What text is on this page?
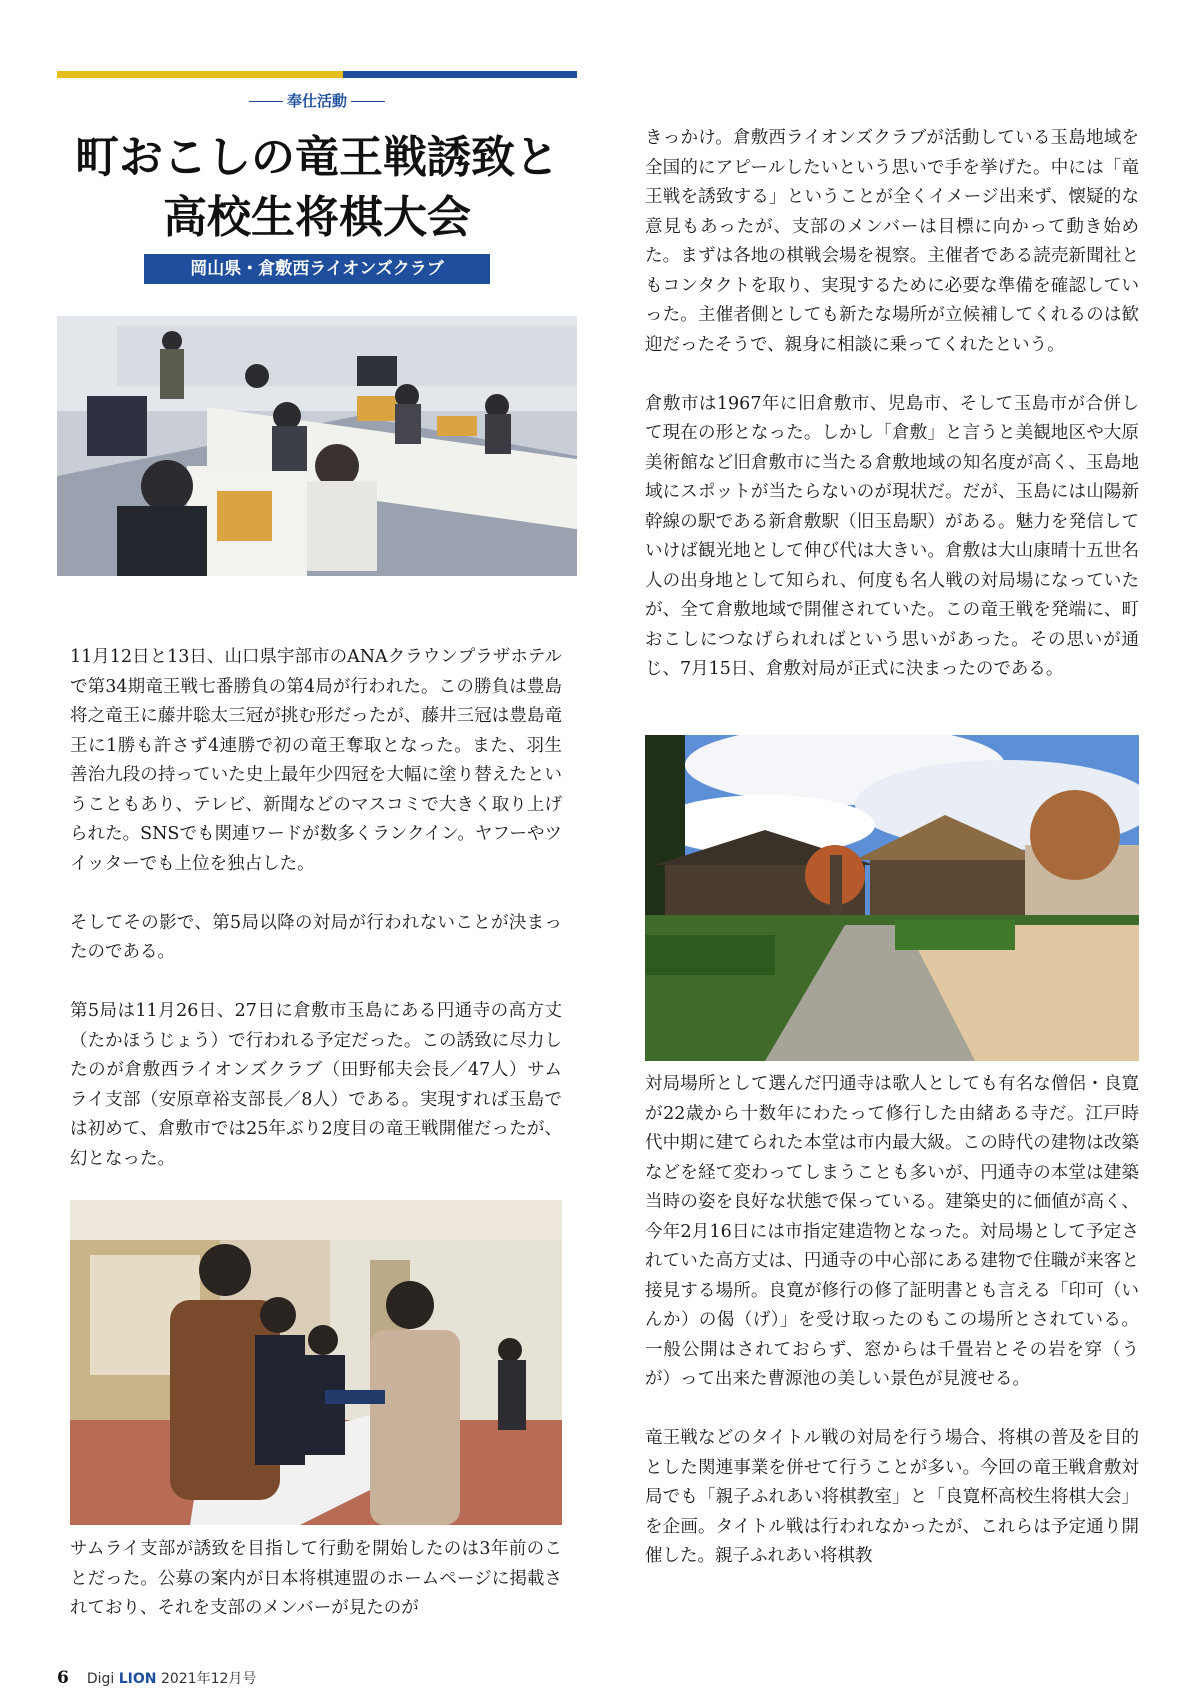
奉仕活動
町おこしの竜王戦誘致と
高校生将棋大会
岡山県・倉敷西ライオンズクラブ

11月12日と13日、山口県宇部市のANAクラウンプラザホテルで第34期竜王戦七番勝負の第4局が行われた。この勝負は豊島将之竜王に藤井聡太三冠が挑む形だったが、藤井三冠は豊島竜王に1勝も許さず4連勝で初の竜王奪取となった。また、羽生善治九段の持っていた史上最年少四冠を大幅に塗り替えたということもあり、テレビ、新聞などのマスコミで大きく取り上げられた。SNSでも関連ワードが数多くランクイン。ヤフーやツイッターでも上位を独占した。

そしてその影で、第5局以降の対局が行われないことが決まったのである。

第5局は11月26日、27日に倉敷市玉島にある円通寺の高方丈（たかほうじょう）で行われる予定だった。この誘致に尽力したのが倉敷西ライオンズクラブ（田野郁夫会長／47人）サムライ支部（安原章裕支部長／8人）である。実現すれば玉島では初めて、倉敷市では25年ぶり2度目の竜王戦開催だったが、幻となった。

サムライ支部が誘致を目指して行動を開始したのは3年前のことだった。公募の案内が日本将棋連盟のホームページに掲載されており、それを支部のメンバーが見たのが

きっかけ。倉敷西ライオンズクラブが活動している玉島地域を全国的にアピールしたいという思いで手を挙げた。中には「竜王戦を誘致する」ということが全くイメージ出来ず、懐疑的な意見もあったが、支部のメンバーは目標に向かって動き始めた。まずは各地の棋戦会場を視察。主催者である読売新聞社ともコンタクトを取り、実現するために必要な準備を確認していった。主催者側としても新たな場所が立候補してくれるのは歓迎だったそうで、親身に相談に乗ってくれたという。

倉敷市は1967年に旧倉敷市、児島市、そして玉島市が合併して現在の形となった。しかし「倉敷」と言うと美観地区や大原美術館など旧倉敷市に当たる倉敷地域の知名度が高く、玉島地域にスポットが当たらないのが現状だ。だが、玉島には山陽新幹線の駅である新倉敷駅（旧玉島駅）がある。魅力を発信していけば観光地として伸び代は大きい。倉敷は大山康晴十五世名人の出身地として知られ、何度も名人戦の対局場になっていたが、全て倉敷地域で開催されていた。この竜王戦を発端に、町おこしにつなげられればという思いがあった。その思いが通じ、7月15日、倉敷対局が正式に決まったのである。

対局場所として選んだ円通寺は歌人としても有名な僧侶・良寛が22歳から十数年にわたって修行した由緒ある寺だ。江戸時代中期に建てられた本堂は市内最大級。この時代の建物は改築などを経て変わってしまうことも多いが、円通寺の本堂は建築当時の姿を良好な状態で保っている。建築史的に価値が高く、今年2月16日には市指定建造物となった。対局場として予定されていた高方丈は、円通寺の中心部にある建物で住職が来客と接見する場所。良寛が修行の修了証明書とも言える「印可（いんか）の偈（げ）」を受け取ったのもこの場所とされている。一般公開はされておらず、窓からは千畳岩とその岩を穿（うが）って出来た曹源池の美しい景色が見渡せる。

竜王戦などのタイトル戦の対局を行う場合、将棋の普及を目的とした関連事業を併せて行うことが多い。今回の竜王戦倉敷対局でも「親子ふれあい将棋教室」と「良寛杯高校生将棋大会」を企画。タイトル戦は行われなかったが、これらは予定通り開催した。親子ふれあい将棋教

6 Digi LION 2021年12月号
